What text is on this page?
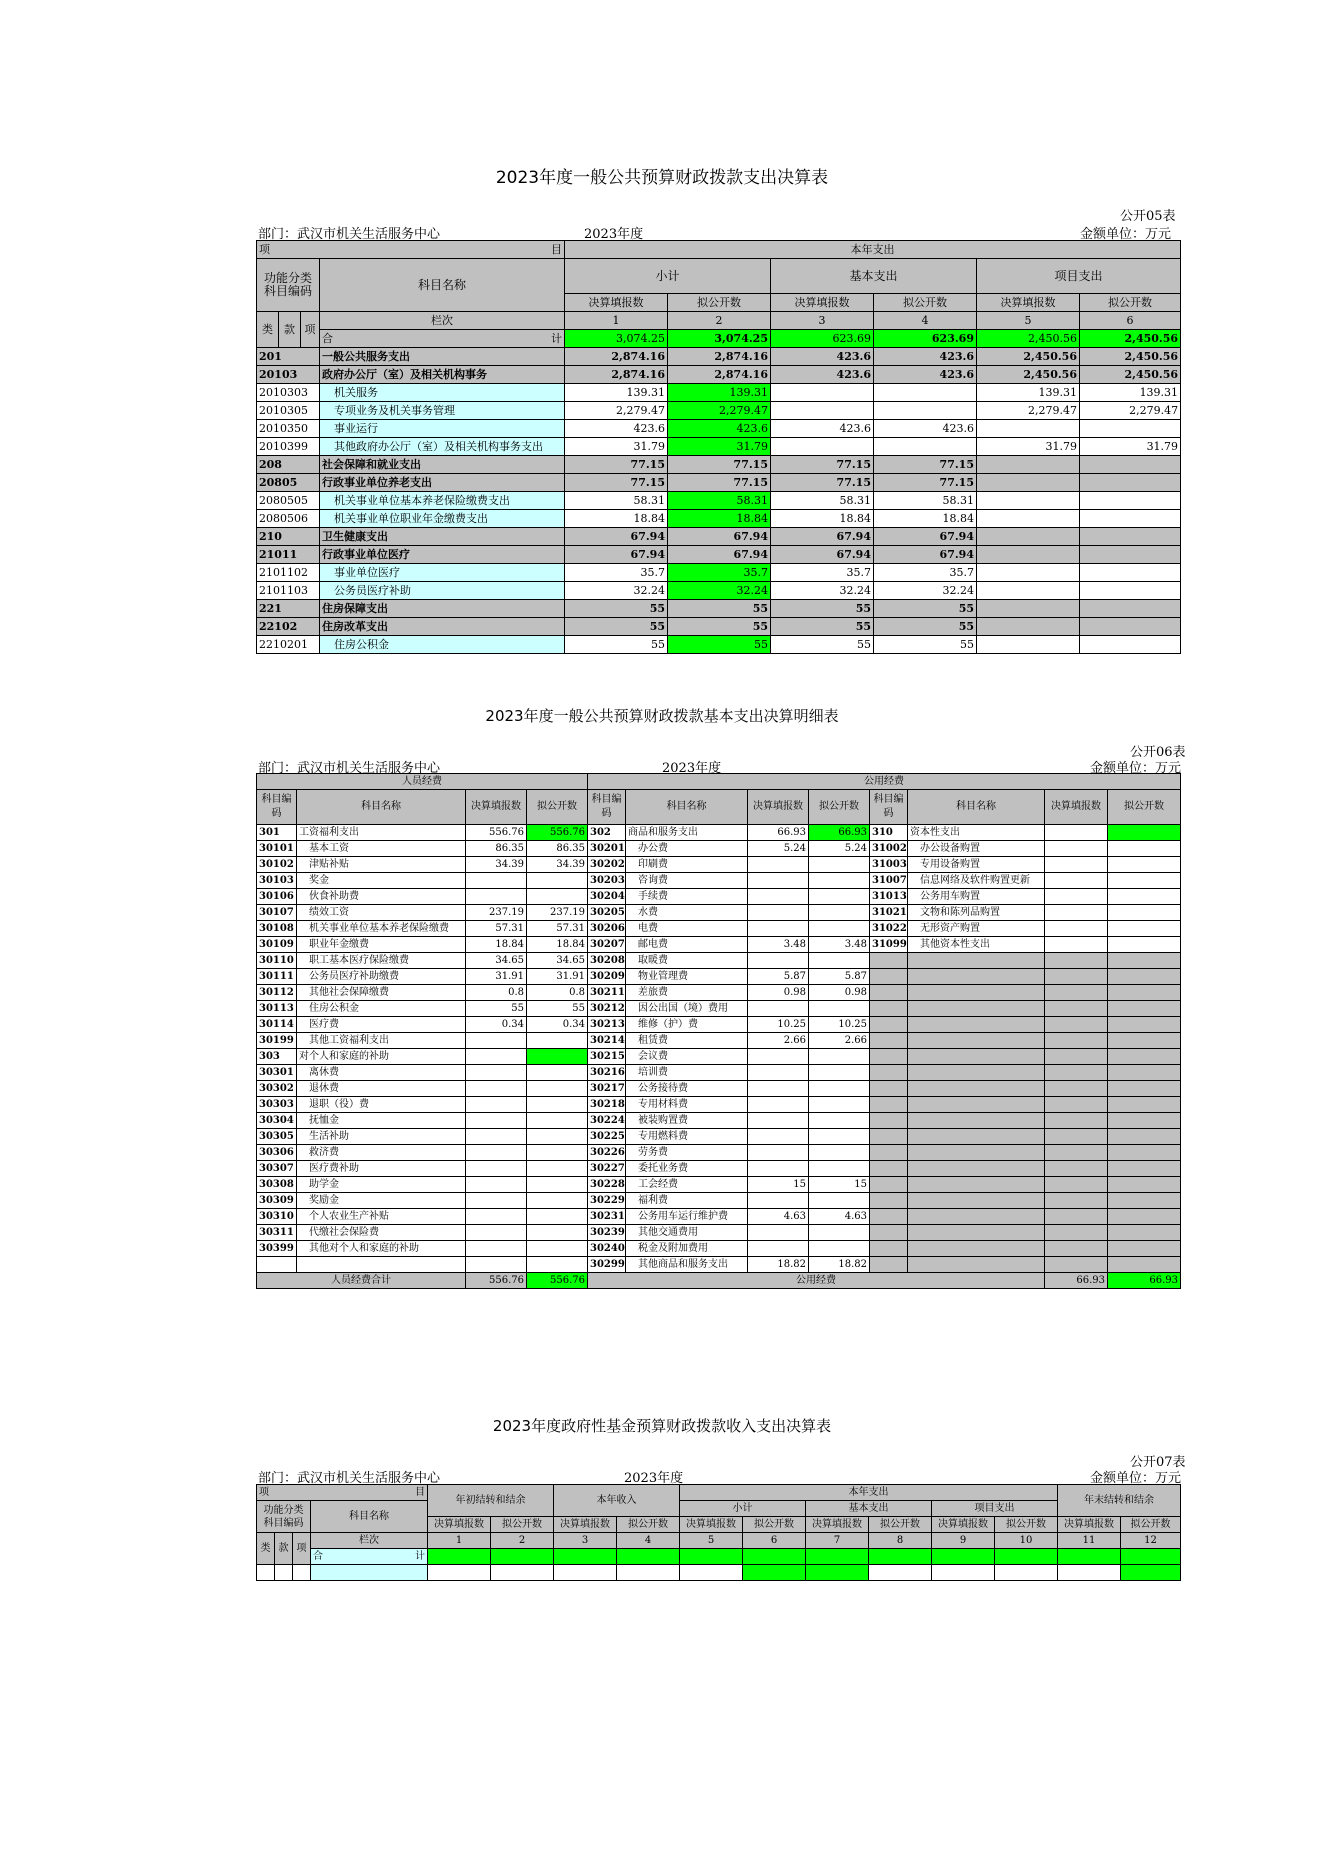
2023年度一般公共预算财政拨款支出决算表
公开05表
部门：武汉市机关生活服务中心	2023年度	金额单位：万元
项 目				本年支出					
功能分类科目编码			科目名称	小计		基本支出		项目支出	
				决算填报数	拟公开数	决算填报数	拟公开数	决算填报数	拟公开数
类	款	项	栏次	1	2	3	4	5	6
			合 计	3,074.25	3,074.25	623.69	623.69	2,450.56	2,450.56
201			一般公共服务支出	2,874.16	2,874.16	423.6	423.6	2,450.56	2,450.56
20103			政府办公厅（室）及相关机构事务	2,874.16	2,874.16	423.6	423.6	2,450.56	2,450.56
2010303			机关服务	139.31	139.31			139.31	139.31
2010305			专项业务及机关事务管理	2,279.47	2,279.47			2,279.47	2,279.47
2010350			事业运行	423.6	423.6	423.6	423.6		
2010399			其他政府办公厅（室）及相关机构事务支出	31.79	31.79			31.79	31.79
208			社会保障和就业支出	77.15	77.15	77.15	77.15		
20805			行政事业单位养老支出	77.15	77.15	77.15	77.15		
2080505			机关事业单位基本养老保险缴费支出	58.31	58.31	58.31	58.31		
2080506			机关事业单位职业年金缴费支出	18.84	18.84	18.84	18.84		
210			卫生健康支出	67.94	67.94	67.94	67.94		
21011			行政事业单位医疗	67.94	67.94	67.94	67.94		
2101102			事业单位医疗	35.7	35.7	35.7	35.7		
2101103			公务员医疗补助	32.24	32.24	32.24	32.24		
221			住房保障支出	55	55	55	55		
22102			住房改革支出	55	55	55	55		
2210201			住房公积金	55	55	55	55		
2023年度一般公共预算财政拨款基本支出决算明细表
公开06表
部门：武汉市机关生活服务中心	2023年度	金额单位：万元
人员经费				公用经费							
科目编码	科目名称	决算填报数	拟公开数	科目编码	科目名称	决算填报数	拟公开数	科目编码	科目名称	决算填报数	拟公开数
301	工资福利支出	556.76	556.76	302	商品和服务支出	66.93	66.93	310	资本性支出		
30101	基本工资	86.35	86.35	30201	办公费	5.24	5.24	31002	办公设备购置		
30102	津贴补贴	34.39	34.39	30202	印刷费			31003	专用设备购置		
30103	奖金			30203	咨询费			31007	信息网络及软件购置更新		
30106	伙食补助费			30204	手续费			31013	公务用车购置		
30107	绩效工资	237.19	237.19	30205	水费			31021	文物和陈列品购置		
30108	机关事业单位基本养老保险缴费	57.31	57.31	30206	电费			31022	无形资产购置		
30109	职业年金缴费	18.84	18.84	30207	邮电费	3.48	3.48	31099	其他资本性支出		
30110	职工基本医疗保险缴费	34.65	34.65	30208	取暖费						
30111	公务员医疗补助缴费	31.91	31.91	30209	物业管理费	5.87	5.87				
30112	其他社会保障缴费	0.8	0.8	30211	差旅费	0.98	0.98				
30113	住房公积金	55	55	30212	因公出国（境）费用						
30114	医疗费	0.34	0.34	30213	维修（护）费	10.25	10.25				
30199	其他工资福利支出			30214	租赁费	2.66	2.66				
303	对个人和家庭的补助			30215	会议费						
30301	离休费			30216	培训费						
30302	退休费			30217	公务接待费						
30303	退职（役）费			30218	专用材料费						
30304	抚恤金			30224	被装购置费						
30305	生活补助			30225	专用燃料费						
30306	救济费			30226	劳务费						
30307	医疗费补助			30227	委托业务费						
30308	助学金			30228	工会经费	15	15				
30309	奖励金			30229	福利费						
30310	个人农业生产补贴			30231	公务用车运行维护费	4.63	4.63				
30311	代缴社会保险费			30239	其他交通费用						
30399	其他对个人和家庭的补助			30240	税金及附加费用						
				30299	其他商品和服务支出	18.82	18.82				
人员经费合计		556.76	556.76	公用经费						66.93	66.93
2023年度政府性基金预算财政拨款收入支出决算表
公开07表
部门：武汉市机关生活服务中心	2023年度	金额单位：万元
项 目				年初结转和结余		本年收入		本年支出						年末结转和结余	
功能分类科目编码			科目名称												
								小计		基本支出		项目支出			
				决算填报数	拟公开数	决算填报数	拟公开数	决算填报数	拟公开数	决算填报数	拟公开数	决算填报数	拟公开数	决算填报数	拟公开数
类	款	项	栏次	1	2	3	4	5	6	7	8	9	10	11	12
			合 计												
